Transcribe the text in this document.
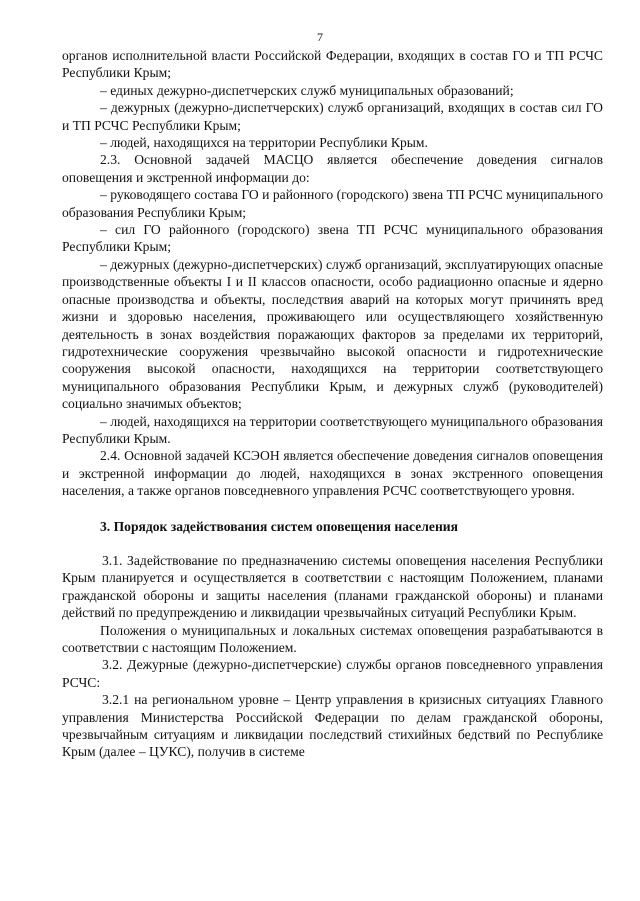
7

органов исполнительной власти Российской Федерации, входящих в состав ГО и ТП РСЧС Республики Крым;

– единых дежурно-диспетчерских служб муниципальных образований;

– дежурных (дежурно-диспетчерских) служб организаций, входящих в состав сил ГО и ТП РСЧС Республики Крым;

– людей, находящихся на территории Республики Крым.

2.3. Основной задачей МАСЦО является обеспечение доведения сигналов оповещения и экстренной информации до:

– руководящего состава ГО и районного (городского) звена ТП РСЧС муниципального образования Республики Крым;

– сил ГО районного (городского) звена ТП РСЧС муниципального образования Республики Крым;

– дежурных (дежурно-диспетчерских) служб организаций, эксплуатирующих опасные производственные объекты I и II классов опасности, особо радиационно опасные и ядерно опасные производства и объекты, последствия аварий на которых могут причинять вред жизни и здоровью населения, проживающего или осуществляющего хозяйственную деятельность в зонах воздействия поражающих факторов за пределами их территорий, гидротехнические сооружения чрезвычайно высокой опасности и гидротехнические сооружения высокой опасности, находящихся на территории соответствующего муниципального образования Республики Крым, и дежурных служб (руководителей) социально значимых объектов;

– людей, находящихся на территории соответствующего муниципального образования Республики Крым.

2.4. Основной задачей КСЭОН является обеспечение доведения сигналов оповещения и экстренной информации до людей, находящихся в зонах экстренного оповещения населения, а также органов повседневного управления РСЧС соответствующего уровня.

3. Порядок задействования систем оповещения населения

3.1. Задействование по предназначению системы оповещения населения Республики Крым планируется и осуществляется в соответствии с настоящим Положением, планами гражданской обороны и защиты населения (планами гражданской обороны) и планами действий по предупреждению и ликвидации чрезвычайных ситуаций Республики Крым.

Положения о муниципальных и локальных системах оповещения разрабатываются в соответствии с настоящим Положением.

3.2. Дежурные (дежурно-диспетчерские) службы органов повседневного управления РСЧС:

3.2.1 на региональном уровне – Центр управления в кризисных ситуациях Главного управления Министерства Российской Федерации по делам гражданской обороны, чрезвычайным ситуациям и ликвидации последствий стихийных бедствий по Республике Крым (далее – ЦУКС), получив в системе
